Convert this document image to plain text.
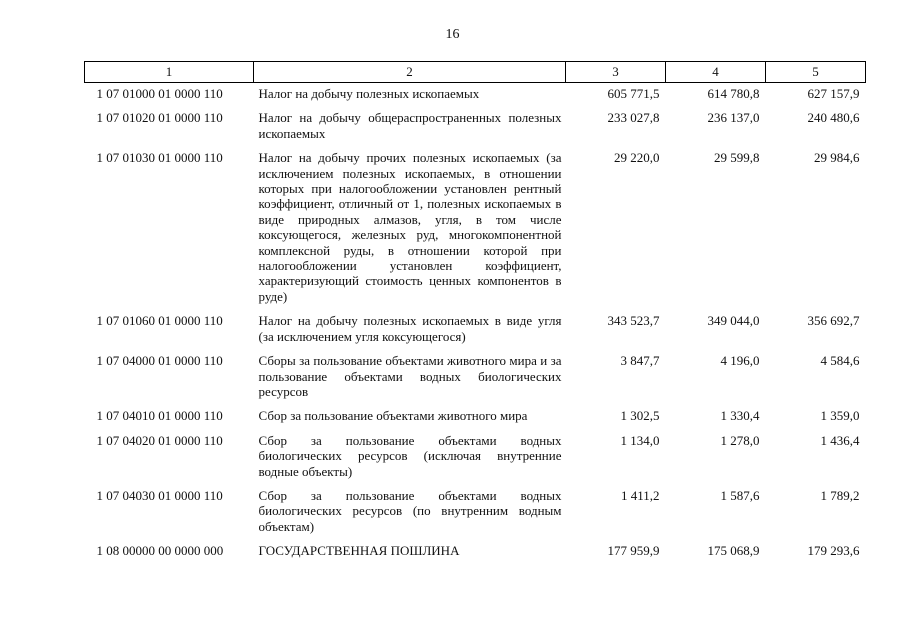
16
1	2	3	4	5
1 07 01000 01 0000 110	Налог на добычу полезных ископаемых	605 771,5	614 780,8	627 157,9
1 07 01020 01 0000 110	Налог на добычу общераспространенных полезных ископаемых	233 027,8	236 137,0	240 480,6
1 07 01030 01 0000 110	Налог на добычу прочих полезных ископаемых (за исключением полезных ископаемых, в отношении которых при налогообложении установлен рентный коэффициент, отличный от 1, полезных ископаемых в виде природных алмазов, угля, в том числе коксующегося, железных руд, многокомпонентной комплексной руды, в отношении которой при налогообложении установлен коэффициент, характеризующий стоимость ценных компонентов в руде)	29 220,0	29 599,8	29 984,6
1 07 01060 01 0000 110	Налог на добычу полезных ископаемых в виде угля (за исключением угля коксующегося)	343 523,7	349 044,0	356 692,7
1 07 04000 01 0000 110	Сборы за пользование объектами животного мира и за пользование объектами водных биологических ресурсов	3 847,7	4 196,0	4 584,6
1 07 04010 01 0000 110	Сбор за пользование объектами животного мира	1 302,5	1 330,4	1 359,0
1 07 04020 01 0000 110	Сбор за пользование объектами водных биологических ресурсов (исключая внутренние водные объекты)	1 134,0	1 278,0	1 436,4
1 07 04030 01 0000 110	Сбор за пользование объектами водных биологических ресурсов (по внутренним водным объектам)	1 411,2	1 587,6	1 789,2
1 08 00000 00 0000 000	ГОСУДАРСТВЕННАЯ ПОШЛИНА	177 959,9	175 068,9	179 293,6
